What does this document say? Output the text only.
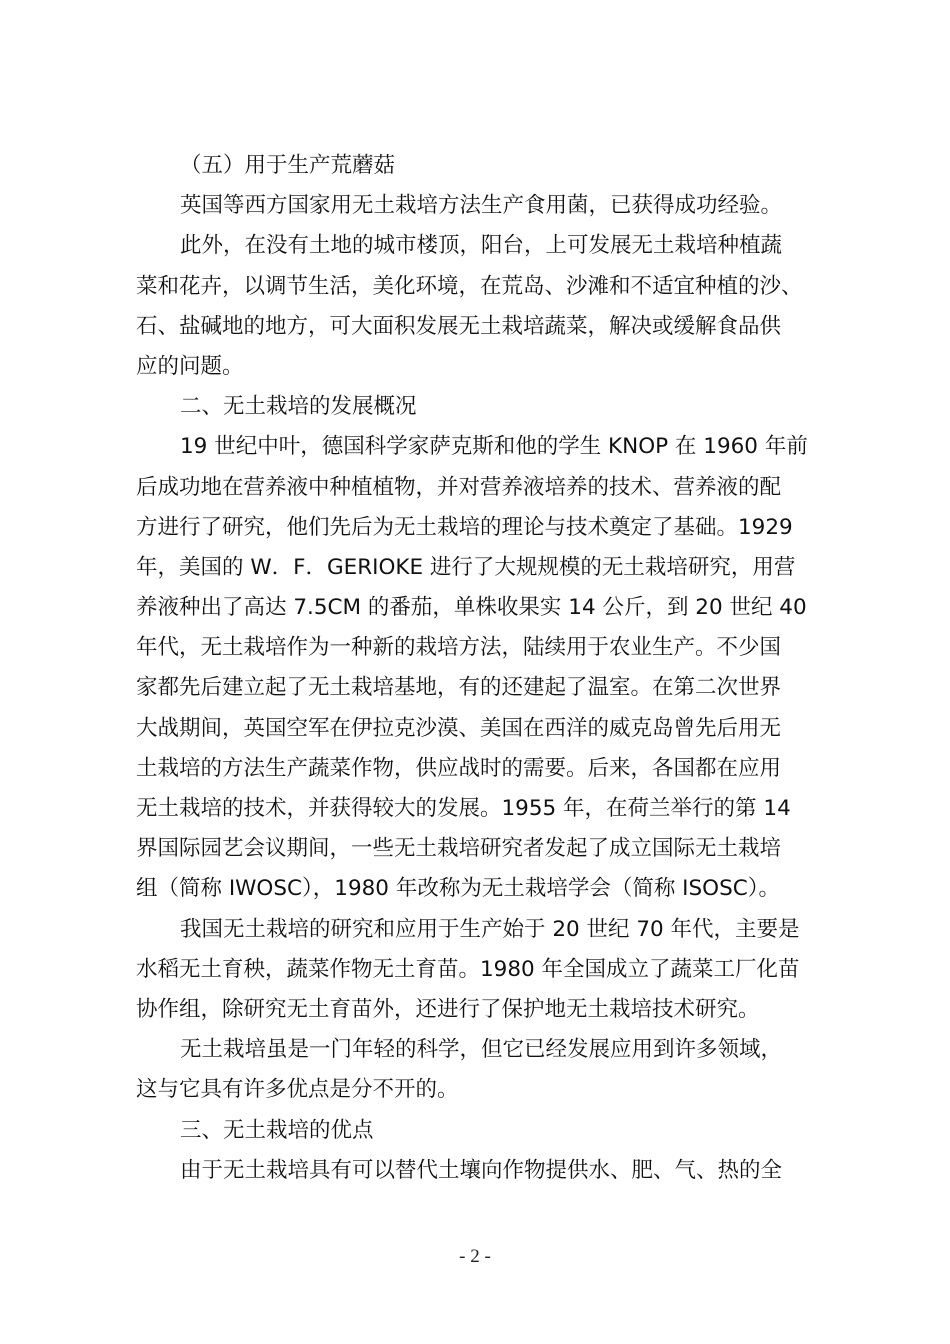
（五）用于生产荒蘑菇
英国等西方国家用无土栽培方法生产食用菌，已获得成功经验。
此外，在没有土地的城市楼顶，阳台，上可发展无土栽培种植蔬
菜和花卉，以调节生活，美化环境，在荒岛、沙滩和不适宜种植的沙、
石、盐碱地的地方，可大面积发展无土栽培蔬菜，解决或缓解食品供
应的问题。
二、无土栽培的发展概况
19 世纪中叶，德国科学家萨克斯和他的学生 KNOP 在 1960 年前
后成功地在营养液中种植植物，并对营养液培养的技术、营养液的配
方进行了研究，他们先后为无土栽培的理论与技术奠定了基础。1929
年，美国的 W．F．GERIOKE 进行了大规规模的无土栽培研究，用营
养液种出了高达 7.5CM 的番茄，单株收果实 14 公斤，到 20 世纪 40
年代，无土栽培作为一种新的栽培方法，陆续用于农业生产。不少国
家都先后建立起了无土栽培基地，有的还建起了温室。在第二次世界
大战期间，英国空军在伊拉克沙漠、美国在西洋的威克岛曾先后用无
土栽培的方法生产蔬菜作物，供应战时的需要。后来，各国都在应用
无土栽培的技术，并获得较大的发展。1955 年，在荷兰举行的第 14
界国际园艺会议期间，一些无土栽培研究者发起了成立国际无土栽培
组（简称 IWOSC），1980 年改称为无土栽培学会（简称 ISOSC）。
我国无土栽培的研究和应用于生产始于 20 世纪 70 年代，主要是
水稻无土育秧，蔬菜作物无土育苗。1980 年全国成立了蔬菜工厂化苗
协作组，除研究无土育苗外，还进行了保护地无土栽培技术研究。
无土栽培虽是一门年轻的科学，但它已经发展应用到许多领域，
这与它具有许多优点是分不开的。
三、无土栽培的优点
由于无土栽培具有可以替代土壤向作物提供水、肥、气、热的全
- 2 -
